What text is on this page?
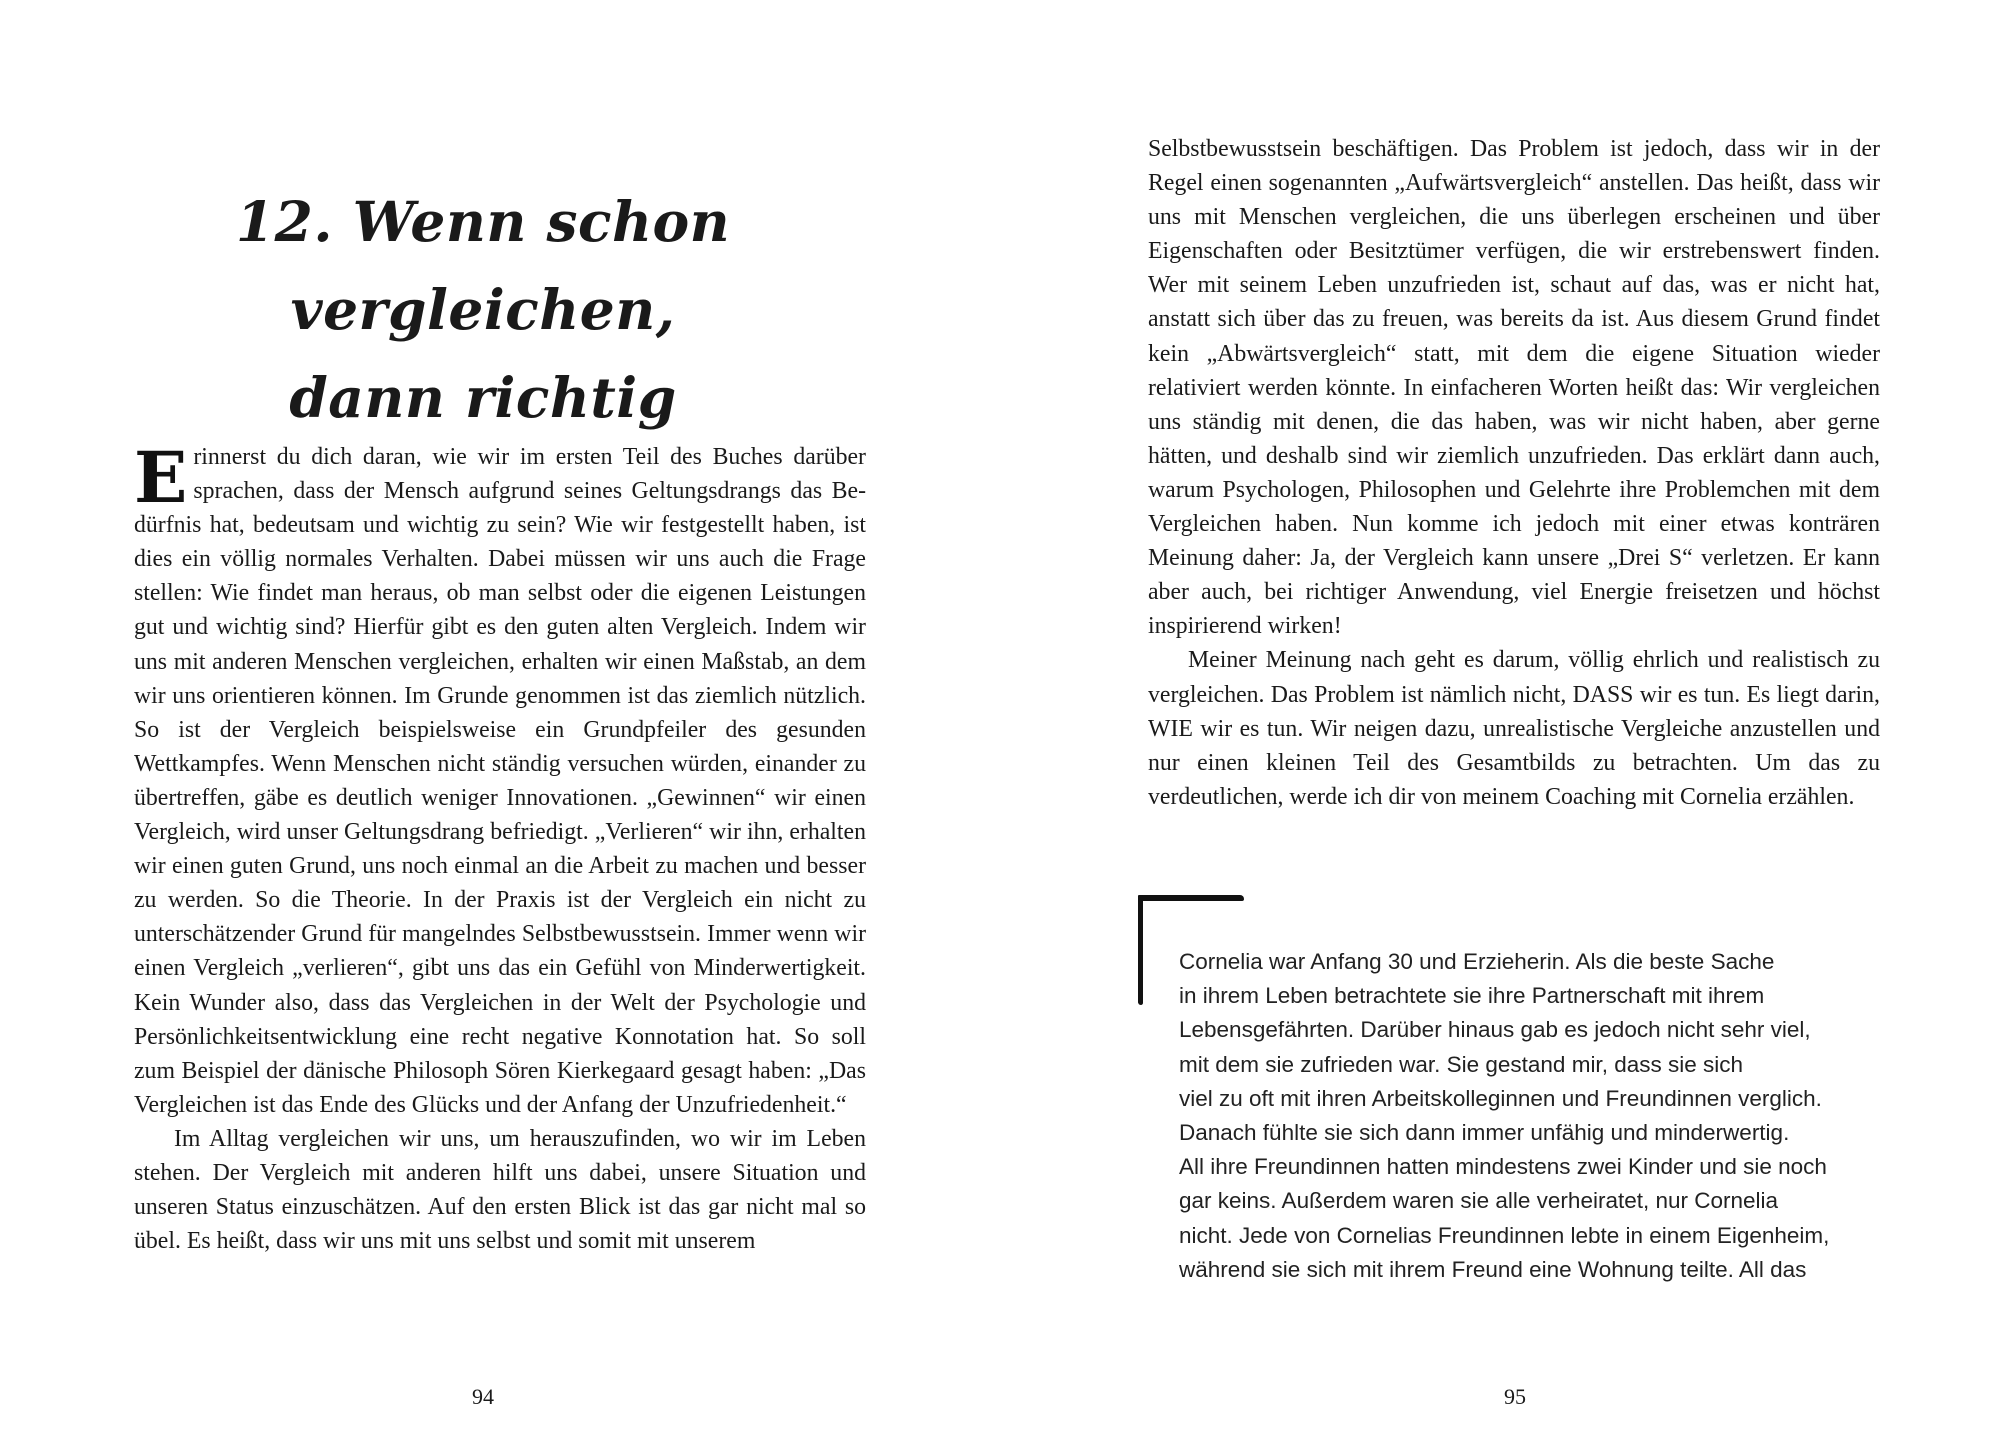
12. Wenn schon vergleichen,
dann richtig

Erinnerst du dich daran, wie wir im ersten Teil des Buches darüber sprachen, dass der Mensch aufgrund seines Geltungsdrangs das Bedürfnis hat, bedeutsam und wichtig zu sein? Wie wir festgestellt haben, ist dies ein völlig normales Verhalten. Dabei müssen wir uns auch die Frage stellen: Wie findet man heraus, ob man selbst oder die eigenen Leistungen gut und wichtig sind? Hierfür gibt es den guten alten Vergleich. Indem wir uns mit anderen Menschen vergleichen, erhalten wir einen Maßstab, an dem wir uns orientieren können. Im Grunde genommen ist das ziemlich nützlich. So ist der Vergleich beispielsweise ein Grundpfeiler des gesunden Wettkampfes. Wenn Menschen nicht ständig versuchen würden, einander zu übertreffen, gäbe es deutlich weniger Innovationen. „Gewinnen“ wir einen Vergleich, wird unser Geltungsdrang befriedigt. „Verlieren“ wir ihn, erhalten wir einen guten Grund, uns noch einmal an die Arbeit zu machen und besser zu werden. So die Theorie. In der Praxis ist der Vergleich ein nicht zu unterschätzender Grund für mangelndes Selbstbewusstsein. Immer wenn wir einen Vergleich „verlieren“, gibt uns das ein Gefühl von Minderwertigkeit. Kein Wunder also, dass das Vergleichen in der Welt der Psychologie und Persönlichkeitsentwicklung eine recht negative Konnotation hat. So soll zum Beispiel der dänische Philosoph Sören Kierkegaard gesagt haben: „Das Vergleichen ist das Ende des Glücks und der Anfang der Unzufriedenheit.“

Im Alltag vergleichen wir uns, um herauszufinden, wo wir im Leben stehen. Der Vergleich mit anderen hilft uns dabei, unsere Situation und unseren Status einzuschätzen. Auf den ersten Blick ist das gar nicht mal so übel. Es heißt, dass wir uns mit uns selbst und somit mit unserem

94

Selbstbewusstsein beschäftigen. Das Problem ist jedoch, dass wir in der Regel einen sogenannten „Aufwärtsvergleich“ anstellen. Das heißt, dass wir uns mit Menschen vergleichen, die uns überlegen erscheinen und über Eigenschaften oder Besitztümer verfügen, die wir erstrebenswert finden. Wer mit seinem Leben unzufrieden ist, schaut auf das, was er nicht hat, anstatt sich über das zu freuen, was bereits da ist. Aus diesem Grund findet kein „Abwärtsvergleich“ statt, mit dem die eigene Situation wieder relativiert werden könnte. In einfacheren Worten heißt das: Wir vergleichen uns ständig mit denen, die das haben, was wir nicht haben, aber gerne hätten, und deshalb sind wir ziemlich unzufrieden. Das erklärt dann auch, warum Psychologen, Philosophen und Gelehrte ihre Problemchen mit dem Vergleichen haben. Nun komme ich jedoch mit einer etwas konträren Meinung daher: Ja, der Vergleich kann unsere „Drei S“ verletzen. Er kann aber auch, bei richtiger Anwendung, viel Energie freisetzen und höchst inspirierend wirken!

Meiner Meinung nach geht es darum, völlig ehrlich und realistisch zu vergleichen. Das Problem ist nämlich nicht, DASS wir es tun. Es liegt darin, WIE wir es tun. Wir neigen dazu, unrealistische Vergleiche anzustellen und nur einen kleinen Teil des Gesamtbilds zu betrachten. Um das zu verdeutlichen, werde ich dir von meinem Coaching mit Cornelia erzählen.

Cornelia war Anfang 30 und Erzieherin. Als die beste Sache
in ihrem Leben betrachtete sie ihre Partnerschaft mit ihrem
Lebensgefährten. Darüber hinaus gab es jedoch nicht sehr viel,
mit dem sie zufrieden war. Sie gestand mir, dass sie sich
viel zu oft mit ihren Arbeitskolleginnen und Freundinnen verglich.
Danach fühlte sie sich dann immer unfähig und minderwertig.
All ihre Freundinnen hatten mindestens zwei Kinder und sie noch
gar keins. Außerdem waren sie alle verheiratet, nur Cornelia
nicht. Jede von Cornelias Freundinnen lebte in einem Eigenheim,
während sie sich mit ihrem Freund eine Wohnung teilte. All das
95
